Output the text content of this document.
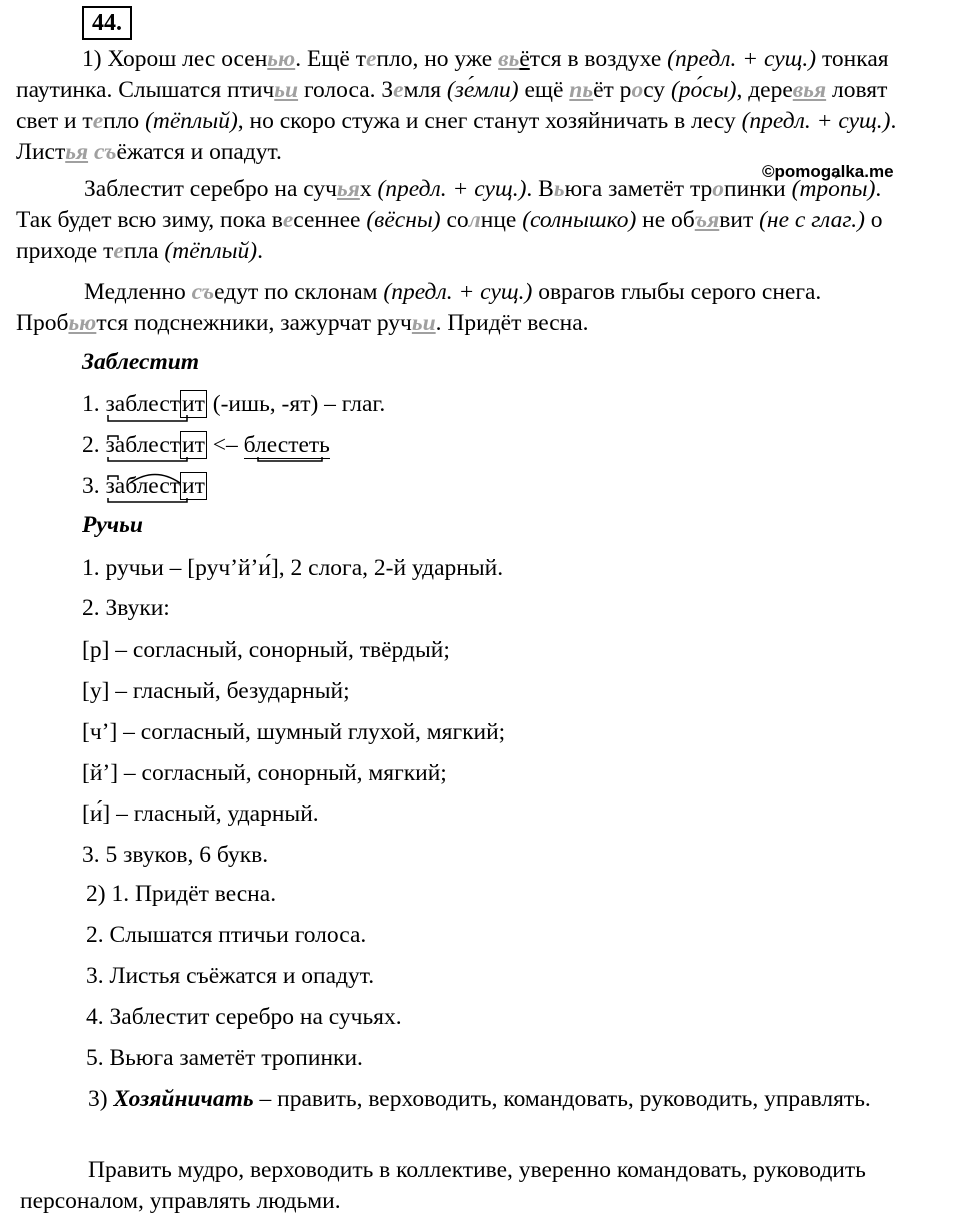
44.
©pomogalka.me

1) Хорош лес осенью. Ещё тепло, но уже вьётся в воздухе (предл. + сущ.) тонкая паутинка. Слышатся птичьи голоса. Земля (зе́мли) ещё пьёт росу (ро́сы), деревья ловят свет и тепло (тёплый), но скоро стужа и снег станут хозяйничать в лесу (предл. + сущ.). Листья съёжатся и опадут.

Заблестит серебро на сучьях (предл. + сущ.). Вьюга заметёт тропинки (тро́пы). Так будет всю зиму, пока весеннее (вёсны) солнце (солнышко) не объявит (не с глаг.) о приходе тепла (тёплый).

Медленно съедут по склонам (предл. + сущ.) оврагов глыбы серого снега. Пробьются подснежники, зажурчат ручьи. Придёт весна.

Заблестит
1. заблестит (-ишь, -ят) – глаг.
2. заблестит <– блестеть
3. заблестит
Ручьи
1. ручьи – [руч’й’и́], 2 слога, 2-й ударный.
2. Звуки:
[р] – согласный, сонорный, твёрдый;
[у] – гласный, безударный;
[ч’] – согласный, шумный глухой, мягкий;
[й’] – согласный, сонорный, мягкий;
[и́] – гласный, ударный.
3. 5 звуков, 6 букв.
2) 1. Придёт весна.
2. Слышатся птичьи голоса.
3. Листья съёжатся и опадут.
4. Заблестит серебро на сучьях.
5. Вьюга заметёт тропинки.

3) Хозяйничать – править, верховодить, командовать, руководить, управлять.

Править мудро, верховодить в коллективе, уверенно командовать, руководить персоналом, управлять людьми.
